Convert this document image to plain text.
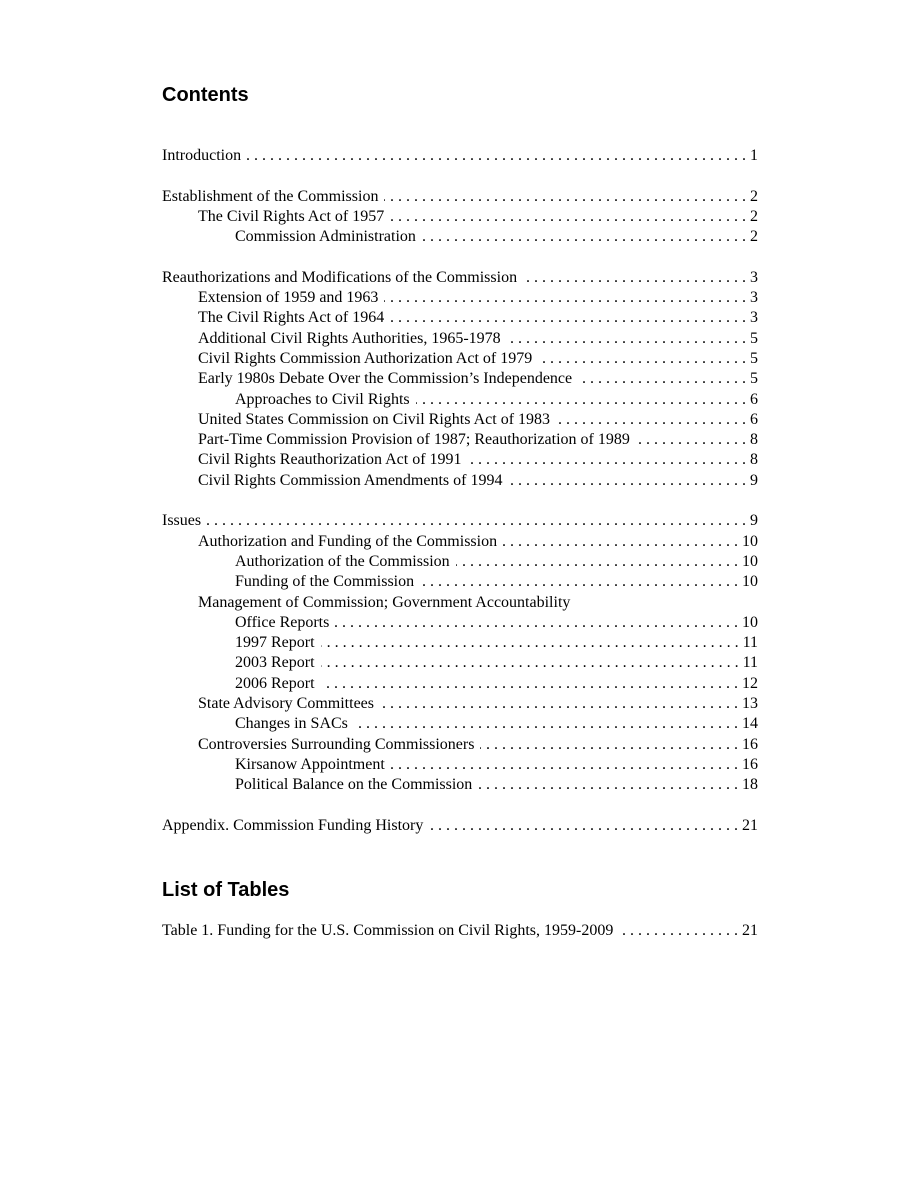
Contents
Introduction . . .	1
Establishment of the Commission . . .	2
The Civil Rights Act of 1957 . . .	2
Commission Administration . . .	2
Reauthorizations and Modifications of the Commission . . .	3
Extension of 1959 and 1963 . . .	3
The Civil Rights Act of 1964 . . .	3
Additional Civil Rights Authorities, 1965-1978 . . .	5
Civil Rights Commission Authorization Act of 1979 . . .	5
Early 1980s Debate Over the Commission’s Independence . . .	5
Approaches to Civil Rights . . .	6
United States Commission on Civil Rights Act of 1983 . . .	6
Part-Time Commission Provision of 1987; Reauthorization of 1989 . . .	8
Civil Rights Reauthorization Act of 1991 . . .	8
Civil Rights Commission Amendments of 1994 . . .	9
Issues . . .	9
Authorization and Funding of the Commission . . .	10
Authorization of the Commission . . .	10
Funding of the Commission . . .	10
Management of Commission; Government Accountability
Office Reports . . .	10
1997 Report . . .	11
2003 Report . . .	11
2006 Report . . .	12
State Advisory Committees . . .	13
Changes in SACs . . .	14
Controversies Surrounding Commissioners . . .	16
Kirsanow Appointment . . .	16
Political Balance on the Commission . . .	18
Appendix. Commission Funding History . . .	21
List of Tables
Table 1. Funding for the U.S. Commission on Civil Rights, 1959-2009 . . .	21
